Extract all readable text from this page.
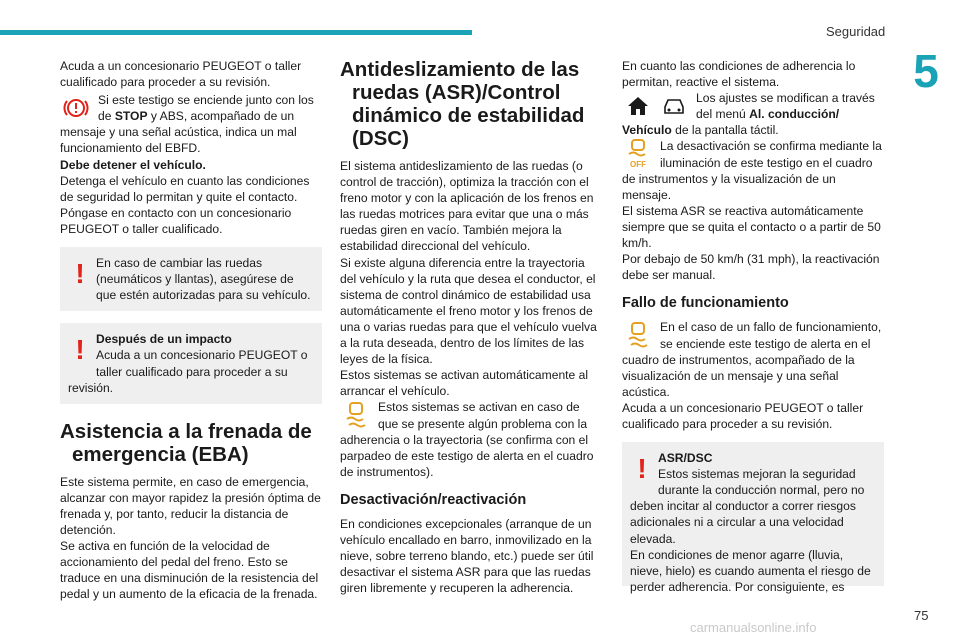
Seguridad
5

Acuda a un concesionario PEUGEOT o taller cualificado para proceder a su revisión.

Si este testigo se enciende junto con los de STOP y ABS, acompañado de un mensaje y una señal acústica, indica un mal funcionamiento del EBFD.

Debe detener el vehículo.

Detenga el vehículo en cuanto las condiciones de seguridad lo permitan y quite el contacto.

Póngase en contacto con un concesionario PEUGEOT o taller cualificado.

! En caso de cambiar las ruedas (neumáticos y llantas), asegúrese de que estén autorizadas para su vehículo.

! Después de un impacto

Acuda a un concesionario PEUGEOT o taller cualificado para proceder a su revisión.

Asistencia a la frenada de emergencia (EBA)

Este sistema permite, en caso de emergencia, alcanzar con mayor rapidez la presión óptima de frenada y, por tanto, reducir la distancia de detención.

Se activa en función de la velocidad de accionamiento del pedal del freno. Esto se traduce en una disminución de la resistencia del pedal y un aumento de la eficacia de la frenada.

Antideslizamiento de las ruedas (ASR)/Control dinámico de estabilidad (DSC)

El sistema antideslizamiento de las ruedas (o control de tracción), optimiza la tracción con el freno motor y con la aplicación de los frenos en las ruedas motrices para evitar que una o más ruedas giren en vacío. También mejora la estabilidad direccional del vehículo.

Si existe alguna diferencia entre la trayectoria del vehículo y la ruta que desea el conductor, el sistema de control dinámico de estabilidad usa automáticamente el freno motor y los frenos de una o varias ruedas para que el vehículo vuelva a la ruta deseada, dentro de los límites de las leyes de la física.

Estos sistemas se activan automáticamente al arrancar el vehículo.

Estos sistemas se activan en caso de que se presente algún problema con la adherencia o la trayectoria (se confirma con el parpadeo de este testigo de alerta en el cuadro de instrumentos).

Desactivación/reactivación

En condiciones excepcionales (arranque de un vehículo encallado en barro, inmovilizado en la nieve, sobre terreno blando, etc.) puede ser útil desactivar el sistema ASR para que las ruedas giren libremente y recuperen la adherencia.

En cuanto las condiciones de adherencia lo permitan, reactive el sistema.

Los ajustes se modifican a través del menú Al. conducción/ Vehículo de la pantalla táctil.

OFF

La desactivación se confirma mediante la iluminación de este testigo en el cuadro de instrumentos y la visualización de un mensaje.

El sistema ASR se reactiva automáticamente siempre que se quita el contacto o a partir de 50 km/h.

Por debajo de 50 km/h (31 mph), la reactivación debe ser manual.

Fallo de funcionamiento

En el caso de un fallo de funcionamiento, se enciende este testigo de alerta en el cuadro de instrumentos, acompañado de la visualización de un mensaje y una señal acústica.

Acuda a un concesionario PEUGEOT o taller cualificado para proceder a su revisión.

! ASR/DSC

Estos sistemas mejoran la seguridad durante la conducción normal, pero no deben incitar al conductor a correr riesgos adicionales ni a circular a una velocidad elevada.

En condiciones de menor agarre (lluvia, nieve, hielo) es cuando aumenta el riesgo de perder adherencia. Por consiguiente, es

carmanualsonline.info
75
